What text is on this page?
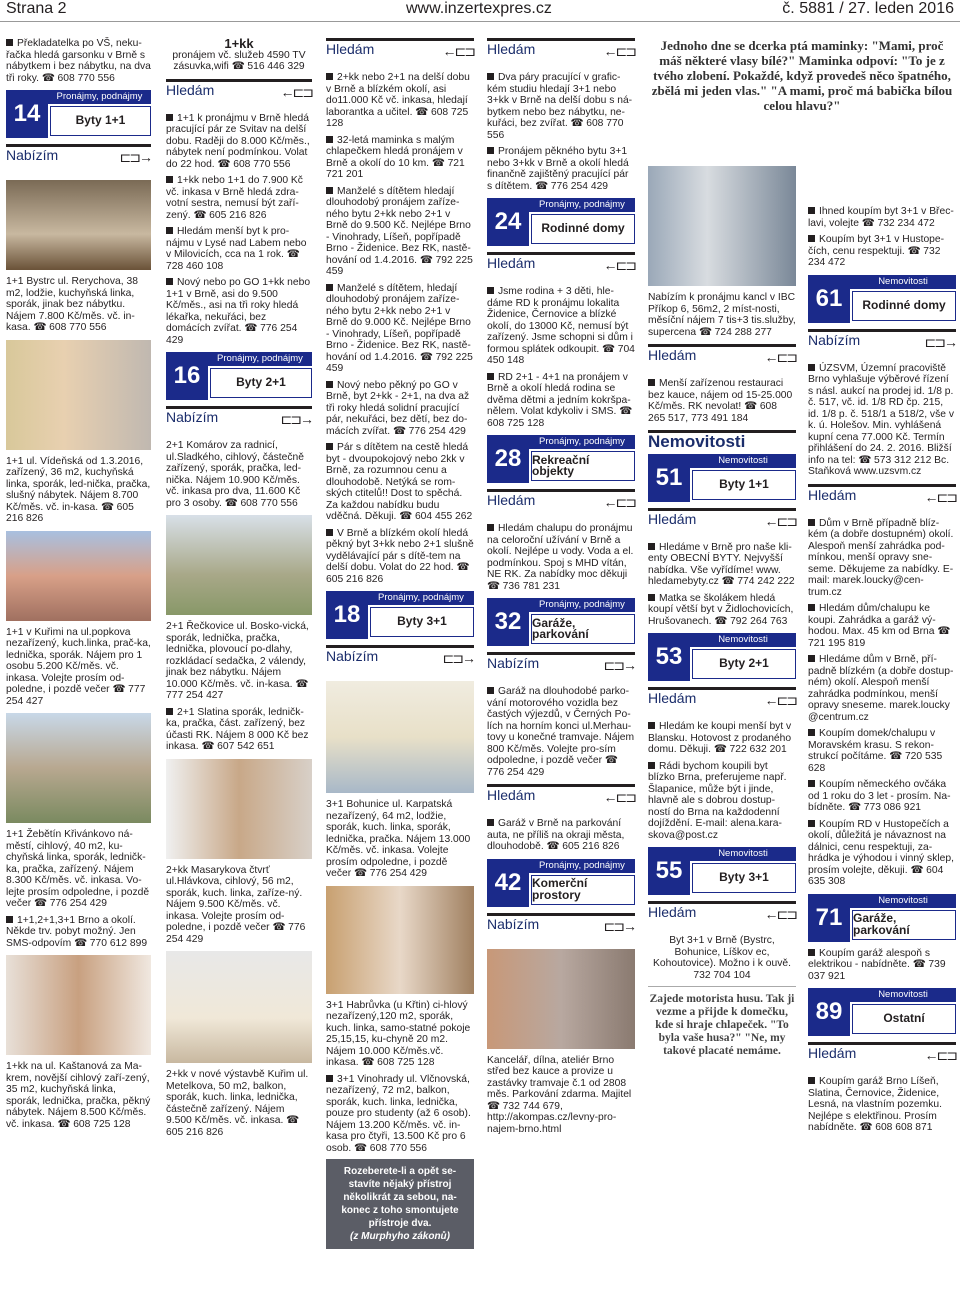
Strana 2	www.inzertexpres.cz	č. 5881 / 27. leden 2016

Překladatelka po VŠ, neku-řačka hledá garsonku v Brně s nábytkem i bez nábytku, na dva tři roky. ☎ 608 770 556

14
Pronájmy, podnájmy
Byty 1+1
Nabízím	⊏⊐→

1+1 Bystrc ul. Rerychova, 38 m2, lodžie, kuchyňská linka, sporák, jinak bez nábytku. Nájem 7.800 Kč/měs. vč. in-kasa. ☎ 608 770 556

1+1 ul. Vídeňská od 1.3.2016, zařízený, 36 m2, kuchyňská linka, sporák, led-nička, pračka, slušný nábytek. Nájem 8.700 Kč/měs. vč. in-kasa. ☎ 605 216 826

1+1 v Kuřimi na ul.popkova nezařízený, kuch.linka, prač-ka, lednička, sporák. Nájem pro 1 osobu 5.200 Kč/měs. vč. inkasa. Volejte prosím od-poledne, i pozdě večer ☎ 777 254 427

1+1 Žebětín Křivánkovo ná-městí, cihlový, 40 m2, ku-chyňská linka, sporák, ledničk-ka, pračka, zařízený. Nájem 8.300 Kč/měs. vč. inkasa. Vo-lejte prosím odpoledne, i pozdě večer ☎ 776 254 429

1+1,2+1,3+1 Brno a okolí. Někde trv. pobyt možný. Jen SMS-odpovím ☎ 770 612 899

1+kk na ul. Kaštanová za Ma-krem, novější cihlový zaří-zený, 35 m2, kuchyňská linka, sporák, lednička, pračka, pěkný nábytek. Nájem 8.500 Kč/měs. vč. inkasa. ☎ 608 725 128

1+kk

pronájem vč. služeb 4590 TV zásuvka,wifi ☎ 516 446 329

Hledám	←⊏⊐

1+1 k pronájmu v Brně hledá pracující pár ze Svitav na delší dobu. Raději do 8.000 Kč/měs., nábytek není podmínkou. Volat do 22 hod. ☎ 608 770 556

1+kk nebo 1+1 do 7.900 Kč vč. inkasa v Brně hledá zdra-votní sestra, nemusí být zaří-zený. ☎ 605 216 826

Hledám menší byt k pro-nájmu v Lysé nad Labem nebo v Milovicích, cca na 1 rok. ☎ 728 460 108

Nový nebo po GO 1+kk nebo 1+1 v Brně, asi do 9.500 Kč/měs., asi na tři roky hledá lékařka, nekuřáci, bez domácích zvířat. ☎ 776 254 429

16
Pronájmy, podnájmy
Byty 2+1
Nabízím	⊏⊐→

2+1 Komárov za radnicí, ul.Sladkého, cihlový, částečně zařízený, sporák, pračka, led-nička. Nájem 10.900 Kč/měs. vč. inkasa pro dva, 11.600 Kč pro 3 osoby. ☎ 608 770 556

2+1 Řečkovice ul. Bosko-vická, sporák, lednička, pračka, lednička, plovoucí po-dlahy, rozkládací sedačka, 2 válendy, jinak bez nábytku. Nájem 10.000 Kč/měs. vč. in-kasa. ☎ 777 254 427

2+1 Slatina sporák, ledničk-ka, pračka, část. zařízený, bez účasti RK. Nájem 8 000 Kč bez inkasa. ☎ 607 542 651

2+kk Masarykova čtvrť ul.Hlávkova, cihlový, 56 m2, sporák, kuch. linka, zaříze-ný. Nájem 9.500 Kč/měs. vč. inkasa. Volejte prosím od-poledne, i pozdě večer ☎ 776 254 429

2+kk v nové výstavbě Kuřim ul. Metelkova, 50 m2, balkon, sporák, kuch. linka, lednička, částečně zařízený. Nájem 9.500 Kč/měs. vč. inkasa. ☎ 605 216 826

Hledám	←⊏⊐

2+kk nebo 2+1 na delší dobu v Brně a blízkém okolí, asi do11.000 Kč vč. inkasa, hledají laborantka a učitel. ☎ 608 725 128

32-letá maminka s malým chlapečkem hledá pronájem v Brně a okolí do 10 km. ☎ 721 721 201

Manželé s dítětem hledají dlouhodobý pronájem zaříze-ného bytu 2+kk nebo 2+1 v Brně do 9.500 Kč. Nejlépe Brno - Vinohrady, Líšeň, popřípadě Brno - Židenice. Bez RK, nastě-hování od 1.4.2016. ☎ 792 225 459

Manželé s dítětem, hledají dlouhodobý pronájem zaříze-ného bytu 2+kk nebo 2+1 v Brně do 9.000 Kč. Nejlépe Brno - Vinohrady, Líšeň, popřípadě Brno - Židenice. Bez RK, nastě-hování od 1.4.2016. ☎ 792 225 459

Nový nebo pěkný po GO v Brně, byt 2+kk - 2+1, na dva až tři roky hledá solidní pracující pár, nekuřáci, bez dětí, bez do-mácích zvířat. ☎ 776 254 429

Pár s dítětem na cestě hledá byt - dvoupokojový nebo 2kk v Brně, za rozumnou cenu a dlouhodobě. Netýká se rom-ských ctitelů!! Dost to spěchá. Za každou nabídku budu vděčná. Děkuji. ☎ 604 455 262

V Brně a blízkém okolí hledá pěkný byt 3+kk nebo 2+1 slušně vydělávající pár s dítě-tem na delší dobu. Volat do 22 hod. ☎ 605 216 826

18
Pronájmy, podnájmy
Byty 3+1
Nabízím	⊏⊐→

3+1 Bohunice ul. Karpatská nezařízený, 64 m2, lodžie, sporák, kuch. linka, sporák, lednička, pračka. Nájem 13.000 Kč/měs. vč. inkasa. Volejte prosím odpoledne, i pozdě večer ☎ 776 254 429

3+1 Habrůvka (u Křtin) ci-hlový nezařízený,120 m2, sporák, kuch. linka, samo-statné pokoje 25,15,15, ku-chyně 20 m2. Nájem 10.000 Kč/měs.vč. inkasa. ☎ 608 725 128

3+1 Vinohrady ul. Vlčnovská, nezařízený, 72 m2, balkon, sporák, kuch. linka, lednička, pouze pro studenty (až 6 osob). Nájem 13.200 Kč/měs. vč. in-kasa pro čtyři, 13.500 Kč pro 6 osob. ☎ 608 770 556

Rozeberete-li a opět se-stavíte nějaký přístroj několikrát za sebou, na-konec z toho smontujete přístroje dva.
(z Murphyho zákonů)
Hledám	←⊏⊐

Dva páry pracující v grafic-kém studiu hledají 3+1 nebo 3+kk v Brně na delší dobu s ná-bytkem nebo bez nábytku, ne-kuřáci, bez zvířat. ☎ 608 770 556

Pronájem pěkného bytu 3+1 nebo 3+kk v Brně a okolí hledá finančně zajištěný pracující pár s dítětem. ☎ 776 254 429

24
Pronájmy, podnájmy
Rodinné domy
Hledám	←⊏⊐

Jsme rodina + 3 děti, hle-dáme RD k pronájmu lokalita Židenice, Černovice a blízké okolí, do 13000 Kč, nemusí být zařízený. Jsme schopni si dům i formou splátek odkoupit. ☎ 704 450 148

RD 2+1 - 4+1 na pronájem v Brně a okolí hledá rodina se dvěma dětmi a jedním kokršpa-nělem. Volat kdykoliv i SMS. ☎ 608 725 128

28
Pronájmy, podnájmy
Rekreační objekty
Hledám	←⊏⊐

Hledám chalupu do pronájmu na celoroční užívání v Brně a okolí. Nejlépe u vody. Voda a el. podmínkou. Spoj s MHD vítán, NE RK. Za nabídky moc děkuji ☎ 736 781 231

32
Pronájmy, podnájmy
Garáže, parkování
Nabízím	⊏⊐→

Garáž na dlouhodobé parko-vání motorového vozidla bez častých výjezdů, v Černých Po-lích na horním konci ul.Merhau-tovy u konečné tramvaje. Nájem 800 Kč/měs. Volejte pro-sím odpoledne, i pozdě večer ☎ 776 254 429

Hledám	←⊏⊐

Garáž v Brně na parkování auta, ne příliš na okraji města, dlouhodobě. ☎ 605 216 826

42
Pronájmy, podnájmy
Komerční prostory
Nabízím	⊏⊐→

Kancelář, dílna, ateliér Brno střed bez kauce a provize u zastávky tramvaje č.1 od 2808 měs. Parkování zdarma. Majitel ☎ 732 744 679, http://akompas.cz/levny-pro-najem-brno.html

Jednoho dne se dcerka ptá maminky: "Mami, proč máš některé vlasy bílé?" Maminka odpoví: "To je z tvého zlobení. Pokaždé, když provedeš něco špatného, zbělá mi jeden vlas." "A mami, proč má babička bílou celou hlavu?"

Nabízím k pronájmu kancl v IBC Příkop 6, 56m2, 2 míst-nosti, měsíční nájem 7 tis+3 tis.služby, supercena ☎ 724 288 277

Hledám	←⊏⊐

Menší zařízenou restauraci bez kauce, nájem od 15-25.000 Kč/měs. RK nevolat! ☎ 608 265 517, 773 491 184

Nemovitosti
51
Nemovitosti
Byty 1+1
Hledám	←⊏⊐

Hledáme v Brně pro naše kli-enty OBECNÍ BYTY. Nejvyšší nabídka. Vše vyřídíme! www. hledamebyty.cz ☎ 774 242 222

Matka se školákem hledá koupí větší byt v Židlochovicích, Hrušovanech. ☎ 792 264 763

53
Nemovitosti
Byty 2+1
Hledám	←⊏⊐

Hledám ke koupi menší byt v Blansku. Hotovost z prodaného domu. Děkuji. ☎ 722 632 201

Rádi bychom koupili byt blízko Brna, preferujeme např. Šlapanice, může být i jinde, hlavně ale s dobrou dostup-ností do Brna na každodenní dojíždění. E-mail: alena.kara-skova@post.cz

55
Nemovitosti
Byty 3+1
Hledám	←⊏⊐

Byt 3+1 v Brně (Bystrc, Bohunice, Líškov ec, Kohoutovice). Možno i k ouvě. 732 704 104

Zajede motorista husu. Tak ji vezme a přijde k domečku, kde si hraje chlapeček. "To byla vaše husa?" "Ne, my takové placaté nemáme.

Ihned koupím byt 3+1 v Břec-lavi, volejte ☎ 732 234 472

Koupím byt 3+1 v Hustope-čích, cenu respektuji. ☎ 732 234 472

61
Nemovitosti
Rodinné domy
Nabízím	⊏⊐→

ÚZSVM, Územní pracoviště Brno vyhlašuje výběrové řízení s násl. aukcí na prodej id. 1/8 p. č. 517, vč. id. 1/8 RD čp. 215, id. 1/8 p. č. 518/1 a 518/2, vše v k. ú. Holešov. Min. vyhlášená kupní cena 77.000 Kč. Termín přihlášení do 24. 2. 2016. Bližší info na tel: ☎ 573 312 212 Bc. Staňková www.uzsvm.cz

Hledám	←⊏⊐

Dům v Brně případně blíz-kém (a dobře dostupném) okolí. Alespoň menší zahrádka pod-mínkou, menší opravy sne-seme. Děkujeme za nabídky. E-mail: marek.loucky@cen-trum.cz

Hledám dům/chalupu ke koupi. Zahrádka a garáž vý-hodou. Max. 45 km od Brna ☎ 721 195 819

Hledáme dům v Brně, pří-padně blízkém (a dobře dostup-ném) okolí. Alespoň menší zahrádka podmínkou, menší opravy sneseme. marek.loucky @centrum.cz

Koupím domek/chalupu v Moravském krasu. S rekon-strukcí počítáme. ☎ 720 535 628

Koupím německého ovčáka od 1 roku do 3 let - prosím. Na-bídněte. ☎ 773 086 921

Koupím RD v Hustopečích a okolí, důležitá je návaznost na dálnici, cenu respektuji, za-hrádka je výhodou i vinný sklep, prosím volejte, děkuji. ☎ 604 635 308

71
Nemovitosti
Garáže, parkování

Koupím garáž alespoň s elektrikou - nabídněte. ☎ 739 037 921

89
Nemovitosti
Ostatní
Hledám	←⊏⊐

Koupím garáž Brno Líšeň, Slatina, Černovice, Židenice, Lesná, na vlastním pozemku. Nejlépe s elektřinou. Prosím nabídněte. ☎ 608 608 871
